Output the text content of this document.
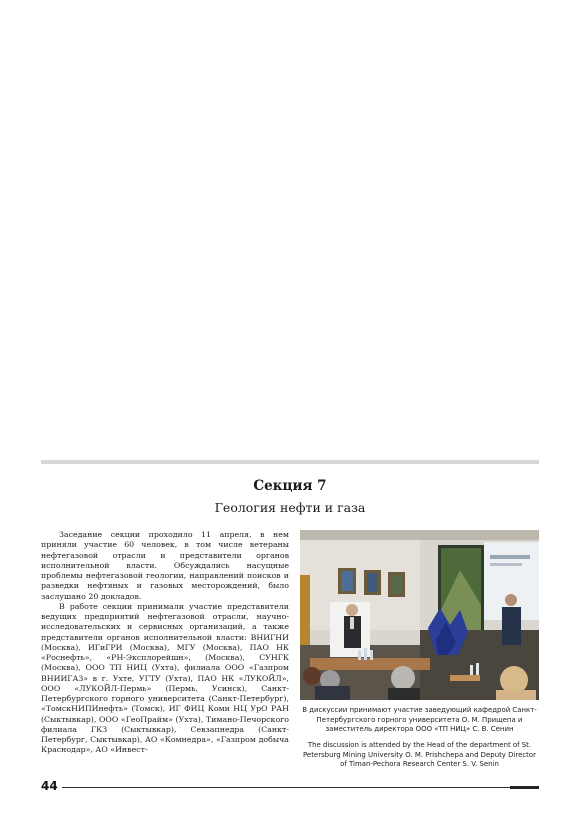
Секция 7
Геология нефти и газа

Заседание секции проходило 11 апреля, в нем приняли участие 60 человек, в том числе ветераны нефтегазовой отрасли и представители органов исполнительной власти. Обсуждались насущные проблемы нефтегазовой геологии, направлений поисков и разведки нефтяных и газовых месторождений, было заслушано 20 докладов.

В работе секции принимали участие представители ведущих предприятий нефтегазовой отрасли, научно-исследовательских и сервисных организаций, а также представители органов исполнительной власти: ВНИГНИ (Москва), ИГиГРИ (Москва), МГУ (Москва), ПАО НК «Роснефть», «РН-Эксплорейшн», (Москва), СУНГК (Москва), ООО ТП НИЦ (Ухта), филиала ООО «Газпром ВНИИГАЗ» в г. Ухте, УГТУ (Ухта), ПАО НК «ЛУКОЙЛ», ООО «ЛУКОЙЛ-Пермь» (Пермь, Усинск), Санкт-Петербургского горного университета (Санкт-Петербург), «ТомскНИПИнефть» (Томск), ИГ ФИЦ Коми НЦ УрО РАН (Сыктывкар), ООО «ГеоПрайм» (Ухта), Тимано-Печорского филиала ГКЗ (Сыктывкар), Севзапнедра (Санкт-Петербург, Сыктывкар), АО «Комнедра», «Газпром добыча Краснодар», АО «Инвест-

В дискуссии принимают участие заведующий кафедрой Санкт-Петербургского горного университета О. М. Прищепа и заместитель директора ООО «ТП НИЦ» С. В. Сенин
The discussion is attended by the Head of the department of St. Petersburg Mining University O. M. Prishchepa and Deputy Director of Timan-Pechora Research Center S. V. Senin
44
